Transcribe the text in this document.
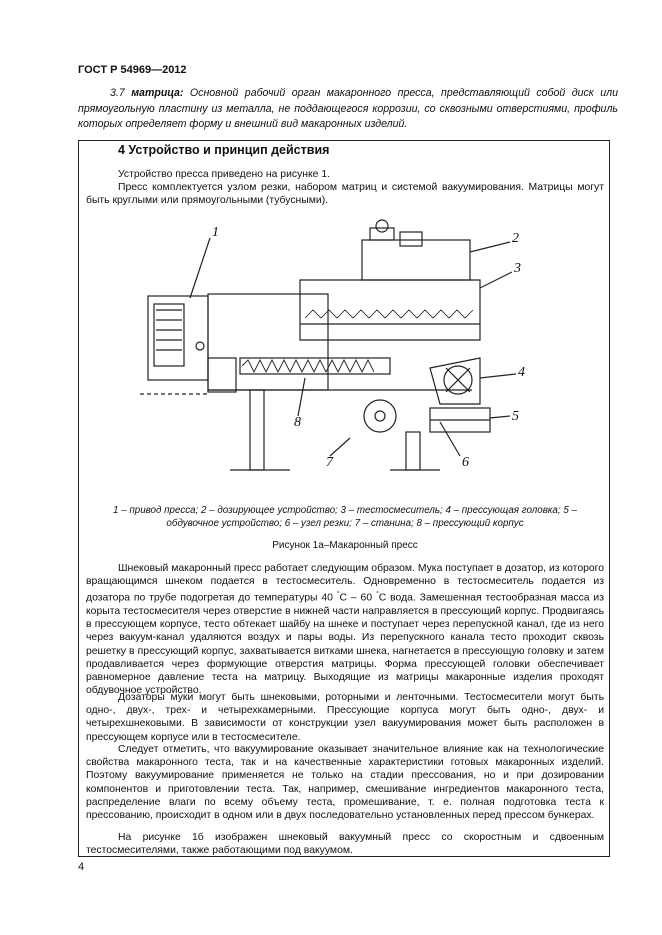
ГОСТ Р 54969—2012
3.7 матрица: Основной рабочий орган макаронного пресса, представляющий собой диск или прямоугольную пластину из металла, не поддающегося коррозии, со сквозными отверстиями, профиль которых определяет форму и внешний вид макаронных изделий.
4 Устройство и принцип действия
Устройство пресса приведено на рисунке 1.
Пресс комплектуется узлом резки, набором матриц и системой вакуумирования. Матрицы могут быть круглыми или прямоугольными (тубусными).
1	2
3
4
5
6
7
8
1 – привод пресса; 2 – дозирующее устройство; 3 – тестосмеситель; 4 – прессующая головка; 5 – обдувочное устройство; 6 – узел резки; 7 – станина; 8 – прессующий корпус
Рисунок 1а–Макаронный пресс
Шнековый макаронный пресс работает следующим образом. Мука поступает в дозатор, из которого вращающимся шнеком подается в тестосмеситель. Одновременно в тестосмеситель подается из дозатора по трубе подогретая до температуры 40 °С – 60 °С вода. Замешенная тестообразная масса из корыта тестосмесителя через отверстие в нижней части направляется в прессующий корпус. Продвигаясь в прессующем корпусе, тесто обтекает шайбу на шнеке и поступает через перепускной канал, где из него через вакуум-канал удаляются воздух и пары воды. Из перепускного канала тесто проходит сквозь решетку в прессующий корпус, захватывается витками шнека, нагнетается в прессующую головку и затем продавливается через формующие отверстия матрицы. Форма прессующей головки обеспечивает равномерное давление теста на матрицу. Выходящие из матрицы макаронные изделия проходят обдувочное устройство.
Дозаторы муки могут быть шнековыми, роторными и ленточными. Тестосмесители могут быть одно-, двух-, трех- и четырехкамерными. Прессующие корпуса могут быть одно-, двух- и четырехшнековыми. В зависимости от конструкции узел вакуумирования может быть расположен в прессующем корпусе или в тестосмесителе.
Следует отметить, что вакуумирование оказывает значительное влияние как на технологические свойства макаронного теста, так и на качественные характеристики готовых макаронных изделий. Поэтому вакуумирование применяется не только на стадии прессования, но и при дозировании компонентов и приготовлении теста. Так, например, смешивание ингредиентов макаронного теста, распределение влаги по всему объему теста, промешивание, т. е. полная подготовка теста к прессованию, происходит в одном или в двух последовательно установленных перед прессом бункерах.
На рисунке 1б изображен шнековый вакуумный пресс со скоростным и сдвоенным тестосмесителями, также работающими под вакуумом.
4
